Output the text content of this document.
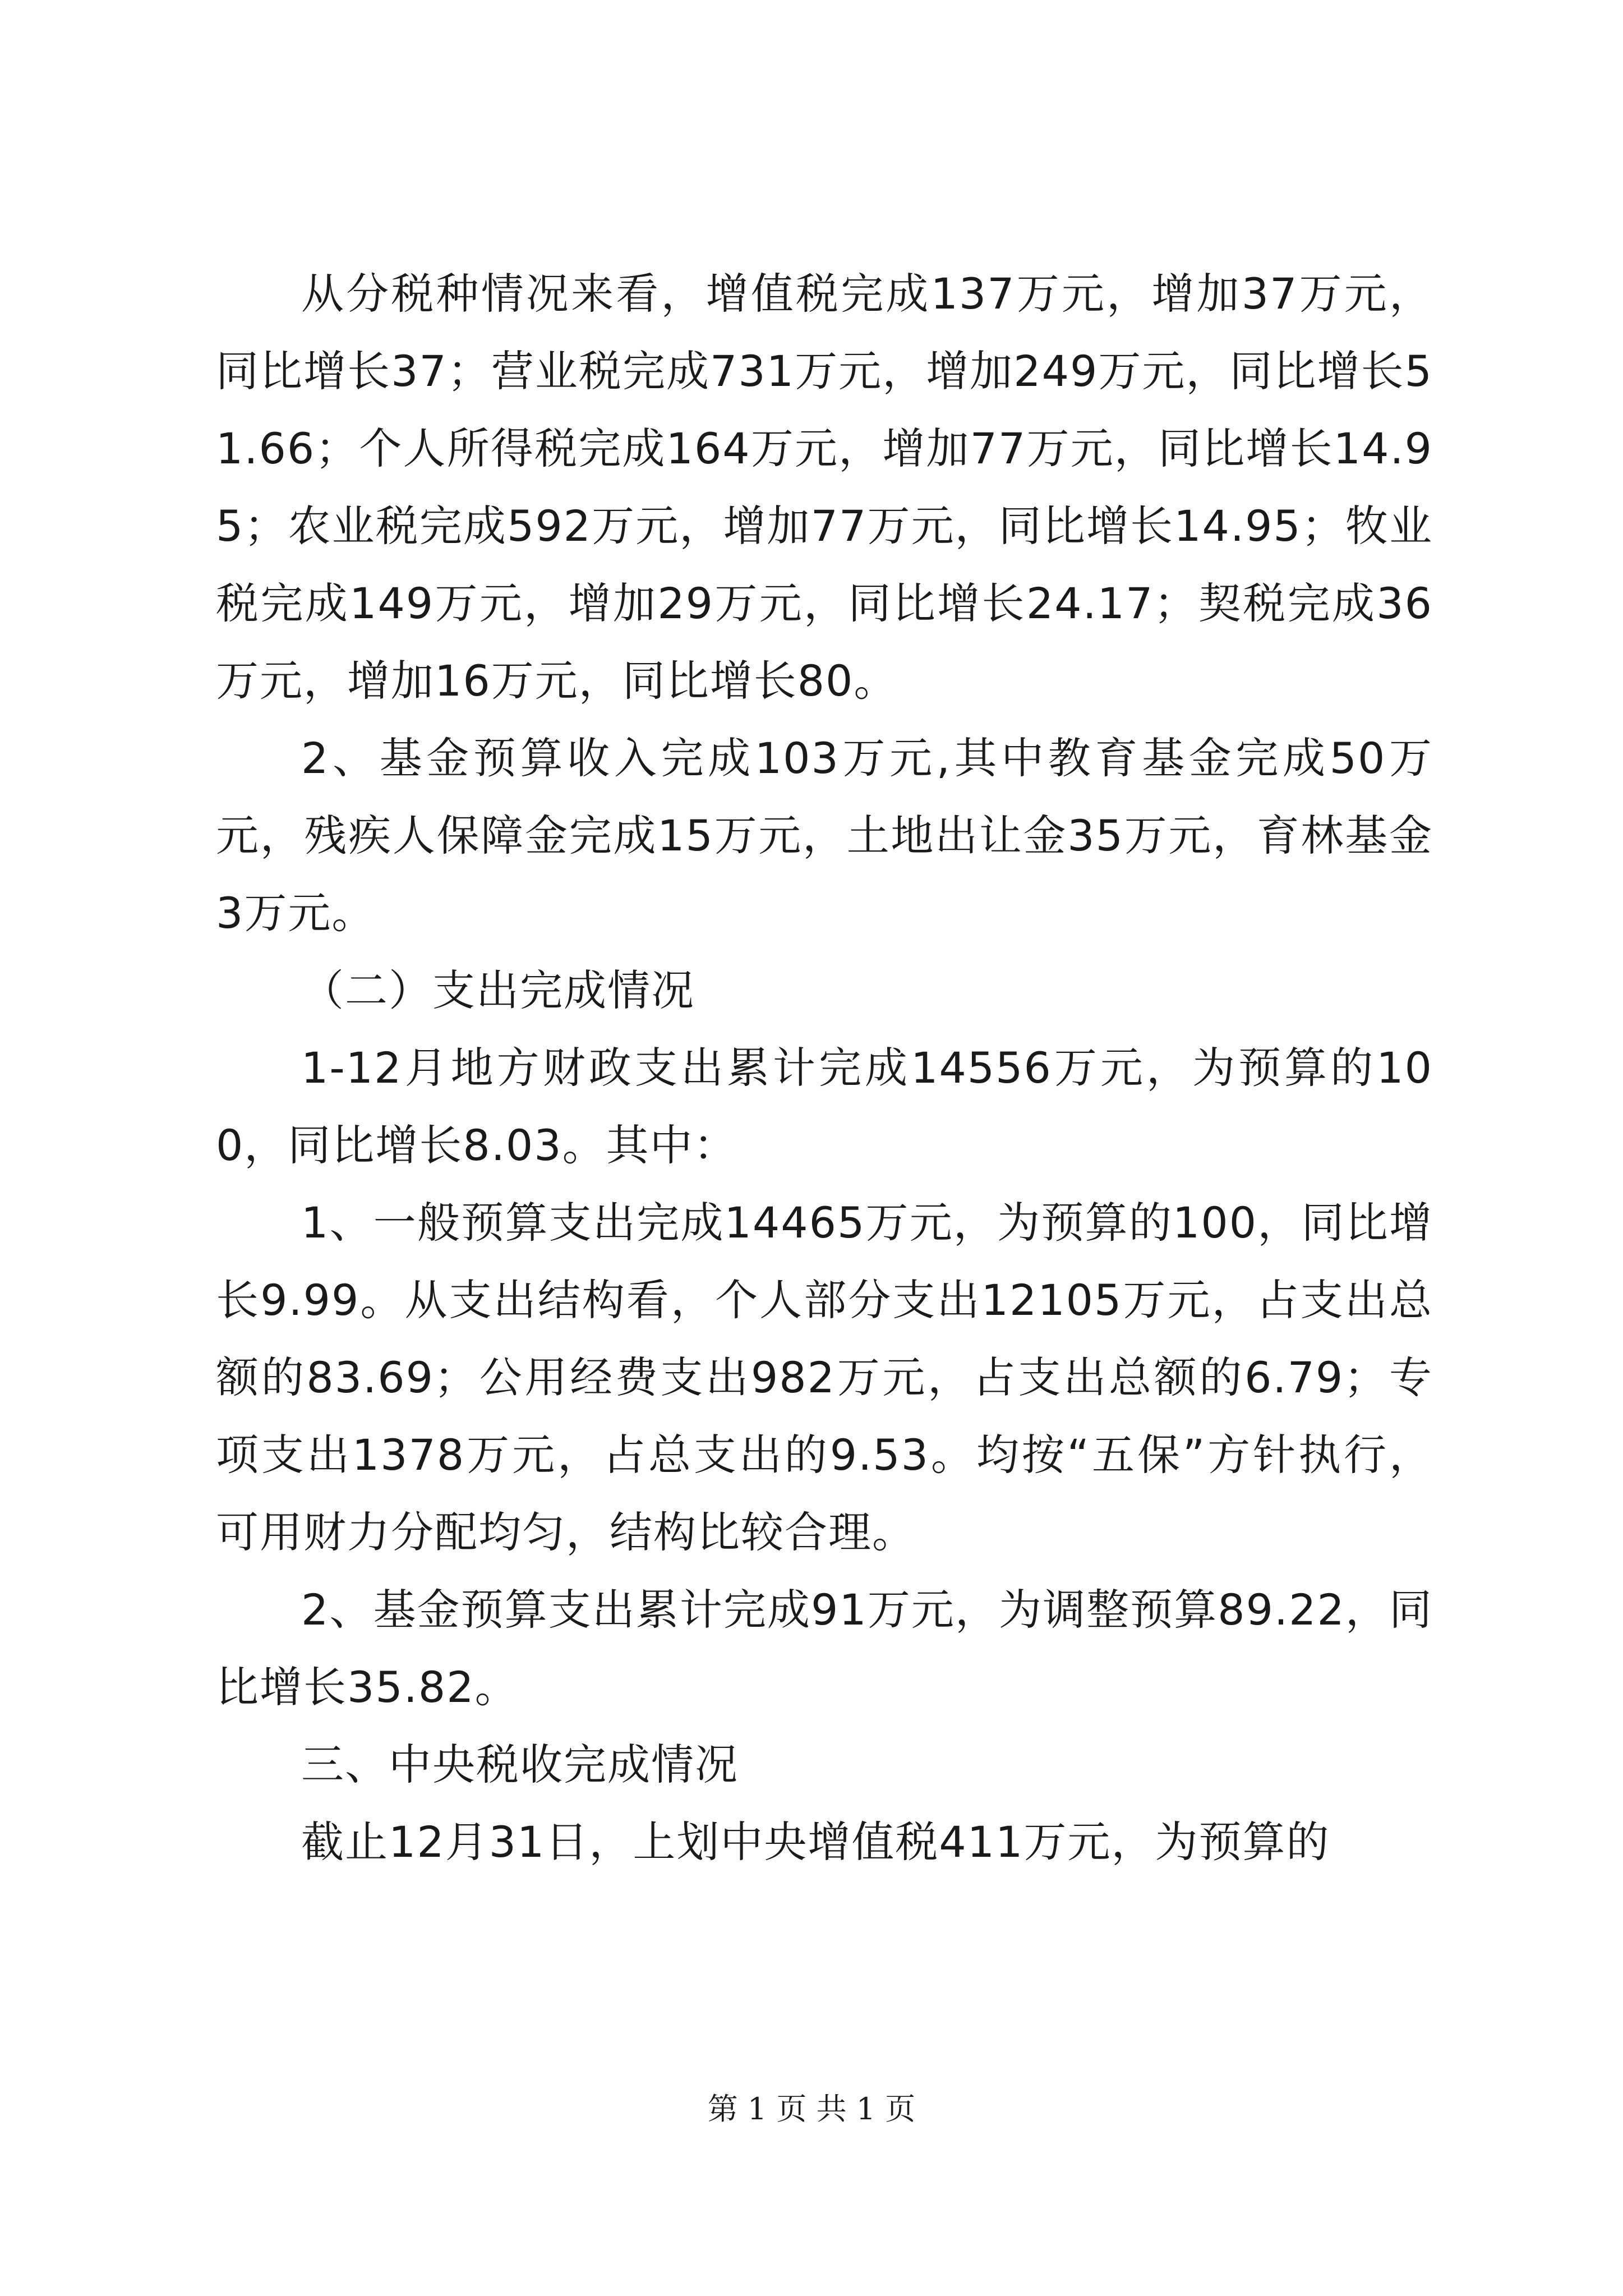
从分税种情况来看，增值税完成137万元，增加37万元，同比增长37；营业税完成731万元，增加249万元，同比增长51.66；个人所得税完成164万元，增加77万元，同比增长14.95；农业税完成592万元，增加77万元，同比增长14.95；牧业税完成149万元，增加29万元，同比增长24.17；契税完成36万元，增加16万元，同比增长80。

2、基金预算收入完成103万元,其中教育基金完成50万元，残疾人保障金完成15万元，土地出让金35万元，育林基金3万元。

（二）支出完成情况

1-12月地方财政支出累计完成14556万元，为预算的100，同比增长8.03。其中：

1、一般预算支出完成14465万元，为预算的100，同比增长9.99。从支出结构看，个人部分支出12105万元，占支出总额的83.69；公用经费支出982万元，占支出总额的6.79；专项支出1378万元，占总支出的9.53。均按“五保”方针执行，可用财力分配均匀，结构比较合理。

2、基金预算支出累计完成91万元，为调整预算89.22，同比增长35.82。

三、中央税收完成情况

截止12月31日，上划中央增值税411万元，为预算的

第 1 页 共 1 页
